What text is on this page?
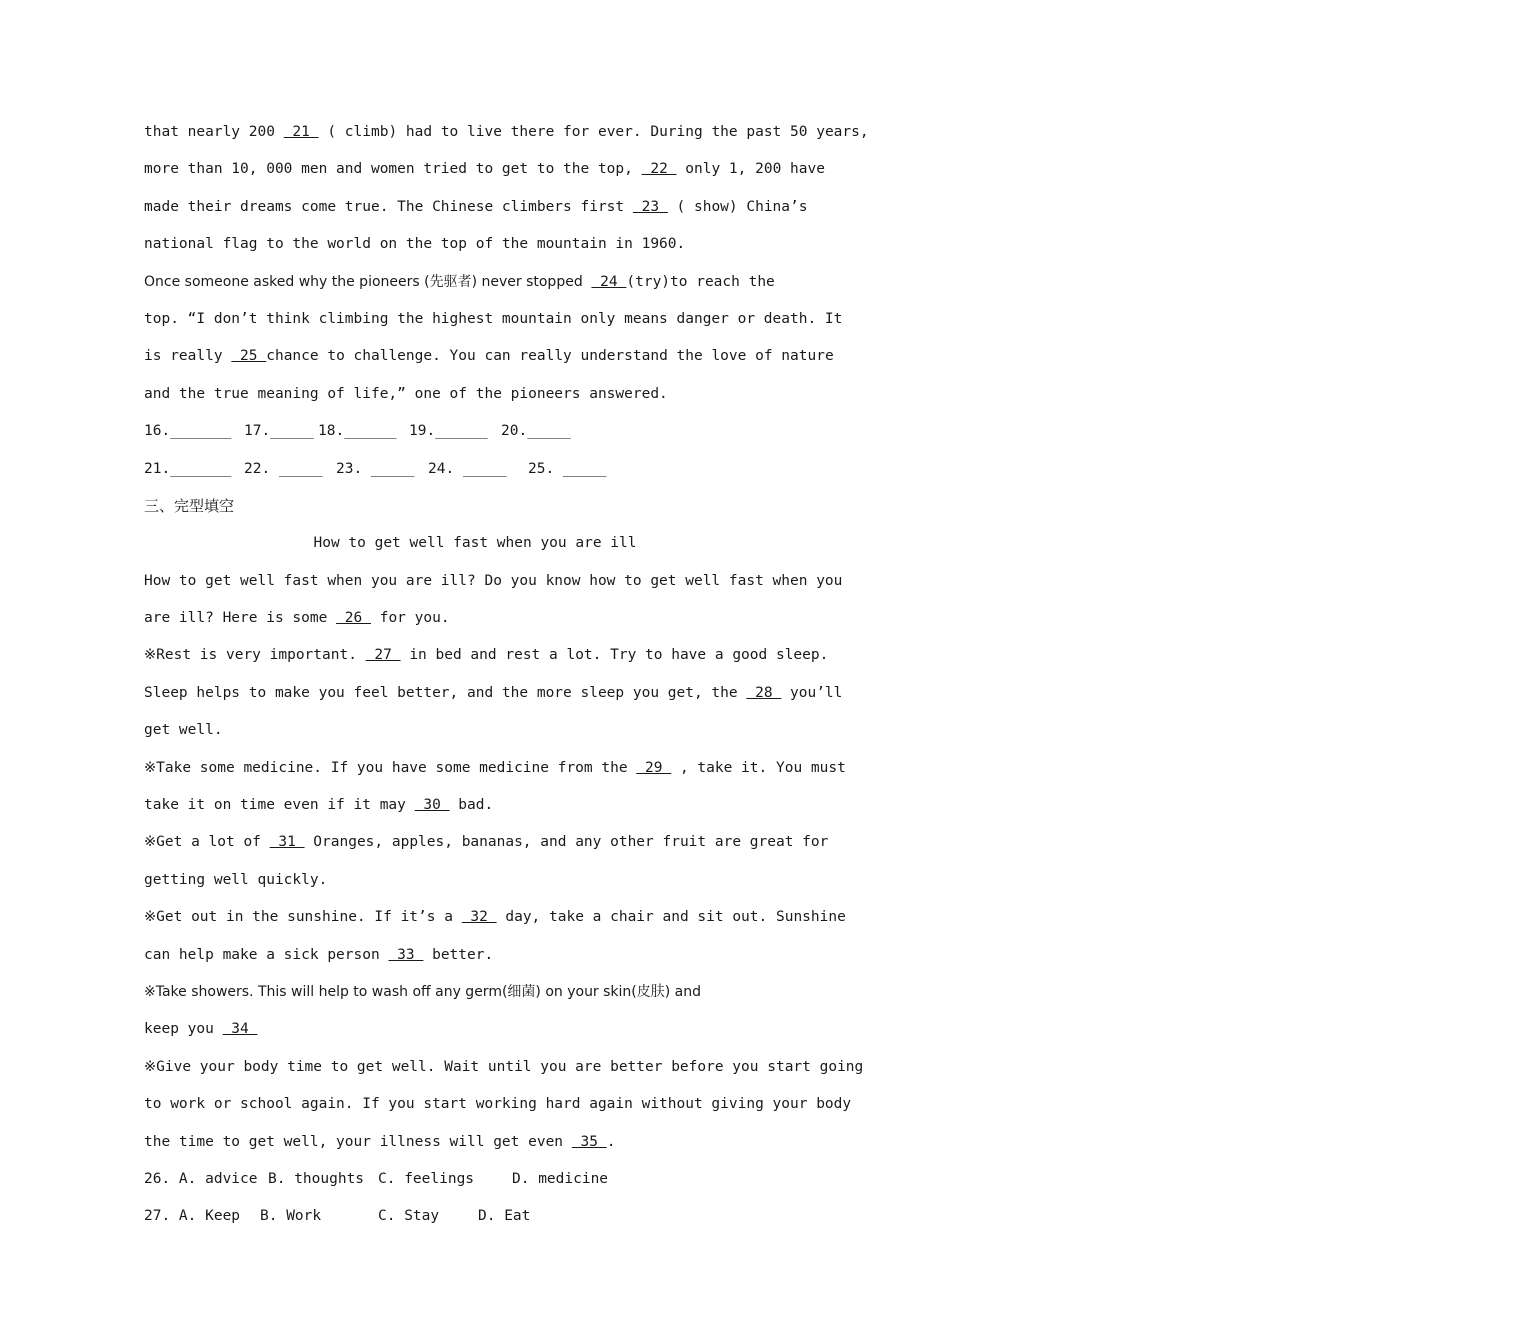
that nearly 200  21  ( climb) had to live there for ever. During the past 50 years,
more than 10, 000 men and women tried to get to the top,  22  only 1, 200 have
made their dreams come true. The Chinese climbers first  23  ( show) China’s
national flag to the world on the top of the mountain in 1960.
Once someone asked why the pioneers (先驱者) never stopped  24 (try)to reach the
top. “I don’t think climbing the highest mountain only means danger or death. It
is really  25 chance to challenge. You can really understand the love of nature
and the true meaning of life,” one of the pioneers answered.
16._______ 17._____ 18.______ 19.______ 20._____
21._______ 22. _____ 23. _____ 24. _____ 25. _____
三、完型填空
How to get well fast when you are ill
How to get well fast when you are ill? Do you know how to get well fast when you
are ill? Here is some  26  for you.
※Rest is very important.  27  in bed and rest a lot. Try to have a good sleep.
Sleep helps to make you feel better, and the more sleep you get, the  28  you’ll
get well.
※Take some medicine. If you have some medicine from the  29  , take it. You must
take it on time even if it may  30  bad.
※Get a lot of  31  Oranges, apples, bananas, and any other fruit are great for
getting well quickly.
※Get out in the sunshine. If it’s a  32  day, take a chair and sit out. Sunshine
can help make a sick person  33  better.
※Take showers. This will help to wash off any germ(细菌) on your skin(皮肤) and
keep you  34
※Give your body time to get well. Wait until you are better before you start going
to work or school again. If you start working hard again without giving your body
the time to get well, your illness will get even  35 .
26. A. advice B. thoughts C. feelings	D. medicine
27. A. Keep B. Work	C. Stay	D. Eat
